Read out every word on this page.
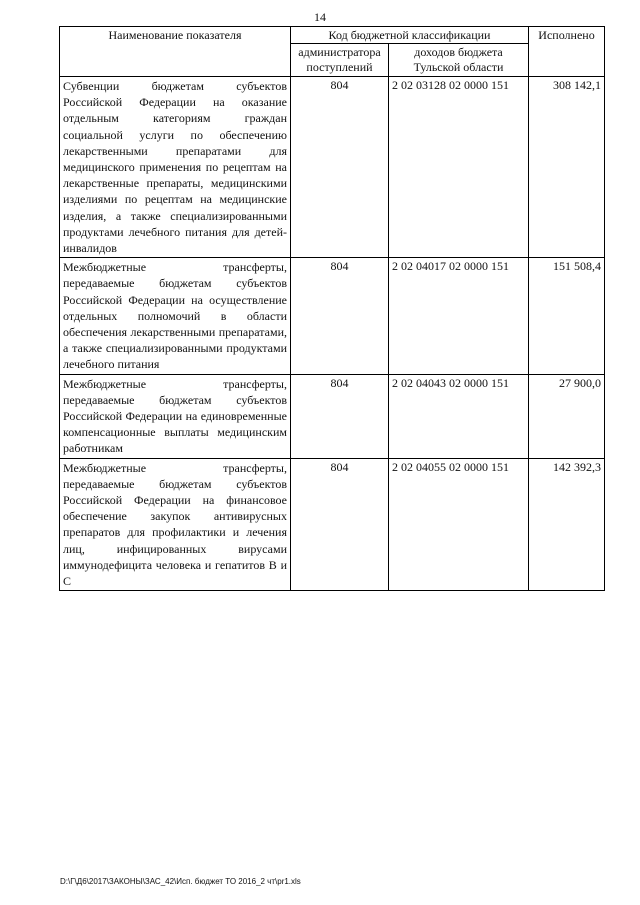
14
Наименование показателя	Код бюджетной классификации		Исполнено
	администратора поступлений	доходов бюджета Тульской области	
Субвенции бюджетам субъектов Российской Федерации на оказание отдельным категориям граждан социальной услуги по обеспечению лекарственными препаратами для медицинского применения по рецептам на лекарственные препараты, медицинскими изделиями по рецептам на медицинские изделия, а также специализированными продуктами лечебного питания для детей-инвалидов	804	2 02 03128 02 0000 151	308 142,1
Межбюджетные трансферты, передаваемые бюджетам субъектов Российской Федерации на осуществление отдельных полномочий в области обеспечения лекарственными препаратами, а также специализированными продуктами лечебного питания	804	2 02 04017 02 0000 151	151 508,4
Межбюджетные трансферты, передаваемые бюджетам субъектов Российской Федерации на единовременные компенсационные выплаты медицинским работникам	804	2 02 04043 02 0000 151	27 900,0
Межбюджетные трансферты, передаваемые бюджетам субъектов Российской Федерации на финансовое обеспечение закупок антивирусных препаратов для профилактики и лечения лиц, инфицированных вирусами иммунодефицита человека и гепатитов В и С	804	2 02 04055 02 0000 151	142 392,3
D:\Г\Д6\2017\ЗАКОНЫ\ЗАС_42\Исп. бюджет ТО 2016_2 чт\pr1.xls
